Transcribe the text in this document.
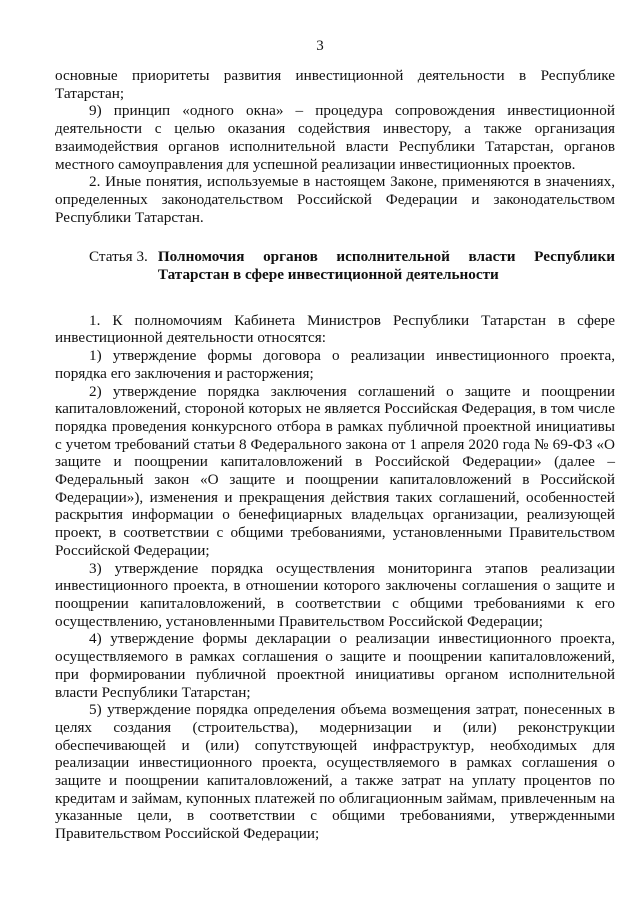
3

основные приоритеты развития инвестиционной деятельности в Республике Татарстан;

9) принцип «одного окна» – процедура сопровождения инвестиционной деятельности с целью оказания содействия инвестору, а также организация взаимодействия органов исполнительной власти Республики Татарстан, органов местного самоуправления для успешной реализации инвестиционных проектов.

2. Иные понятия, используемые в настоящем Законе, применяются в значениях, определенных законодательством Российской Федерации и законодательством Республики Татарстан.

Статья 3. Полномочия органов исполнительной власти Республики Татарстан в сфере инвестиционной деятельности

1. К полномочиям Кабинета Министров Республики Татарстан в сфере инвестиционной деятельности относятся:

1) утверждение формы договора о реализации инвестиционного проекта, порядка его заключения и расторжения;

2) утверждение порядка заключения соглашений о защите и поощрении капиталовложений, стороной которых не является Российская Федерация, в том числе порядка проведения конкурсного отбора в рамках публичной проектной инициативы с учетом требований статьи 8 Федерального закона от 1 апреля 2020 года № 69-ФЗ «О защите и поощрении капиталовложений в Российской Федерации» (далее – Федеральный закон «О защите и поощрении капиталовложений в Российской Федерации»), изменения и прекращения действия таких соглашений, особенностей раскрытия информации о бенефициарных владельцах организации, реализующей проект, в соответствии с общими требованиями, установленными Правительством Российской Федерации;

3) утверждение порядка осуществления мониторинга этапов реализации инвестиционного проекта, в отношении которого заключены соглашения о защите и поощрении капиталовложений, в соответствии с общими требованиями к его осуществлению, установленными Правительством Российской Федерации;

4) утверждение формы декларации о реализации инвестиционного проекта, осуществляемого в рамках соглашения о защите и поощрении капиталовложений, при формировании публичной проектной инициативы органом исполнительной власти Республики Татарстан;

5) утверждение порядка определения объема возмещения затрат, понесенных в целях создания (строительства), модернизации и (или) реконструкции обеспечивающей и (или) сопутствующей инфраструктур, необходимых для реализации инвестиционного проекта, осуществляемого в рамках соглашения о защите и поощрении капиталовложений, а также затрат на уплату процентов по кредитам и займам, купонных платежей по облигационным займам, привлеченным на указанные цели, в соответствии с общими требованиями, утвержденными Правительством Российской Федерации;
